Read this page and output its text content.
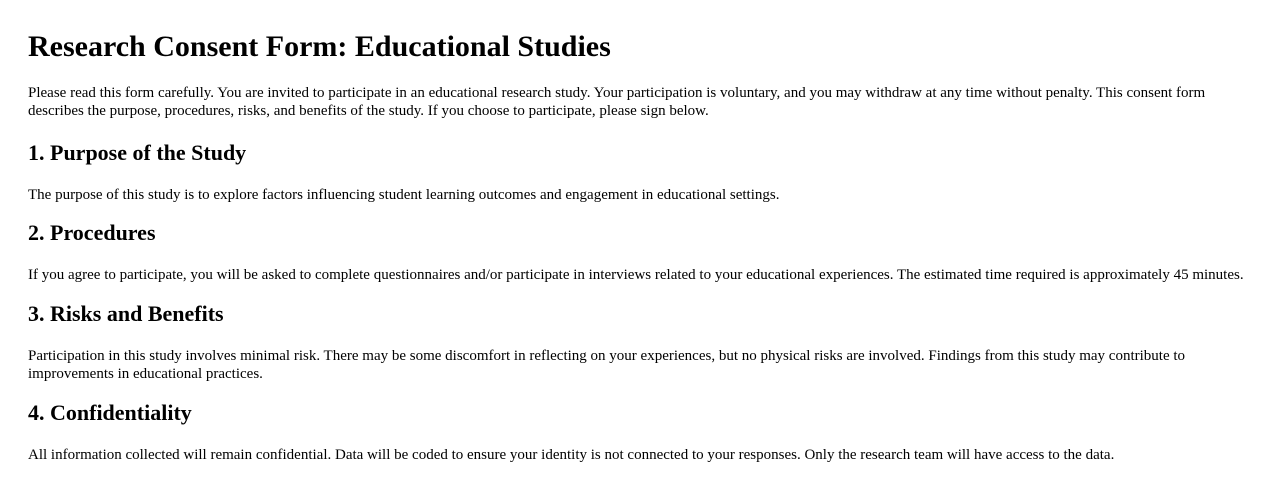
Research Consent Form: Educational Studies

Please read this form carefully. You are invited to participate in an educational research study. Your participation is voluntary, and you may withdraw at any time without penalty. This consent form describes the purpose, procedures, risks, and benefits of the study. If you choose to participate, please sign below.

1. Purpose of the Study

The purpose of this study is to explore factors influencing student learning outcomes and engagement in educational settings.

2. Procedures

If you agree to participate, you will be asked to complete questionnaires and/or participate in interviews related to your educational experiences. The estimated time required is approximately 45 minutes.

3. Risks and Benefits

Participation in this study involves minimal risk. There may be some discomfort in reflecting on your experiences, but no physical risks are involved. Findings from this study may contribute to improvements in educational practices.

4. Confidentiality

All information collected will remain confidential. Data will be coded to ensure your identity is not connected to your responses. Only the research team will have access to the data.
